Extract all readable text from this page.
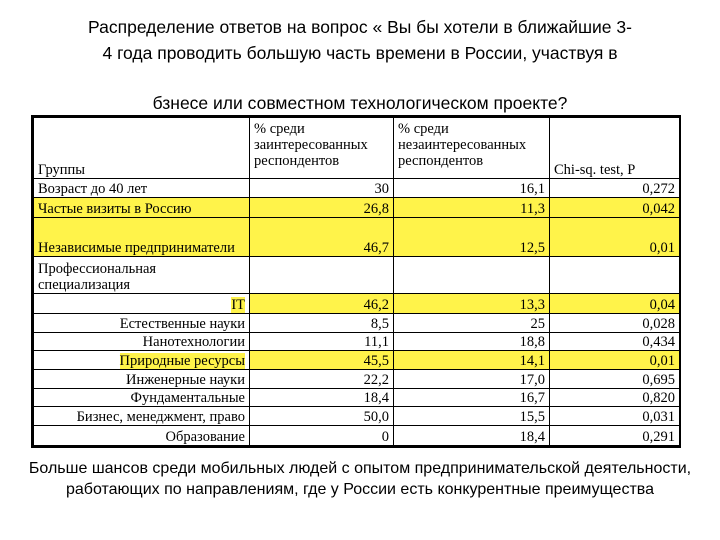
Распределение ответов на вопрос « Вы бы хотели в ближайшие 3-
4 года проводить большую часть времени в России, участвуя в
бзнесе или совместном технологическом проекте?
Группы	% среди заинтересованных респондентов	% среди незаинтересованных респондентов	Chi-sq. test, P
Возраст до 40 лет	30	16,1	0,272
Частые визиты в Россию	26,8	11,3	0,042
Независимые предприниматели	46,7	12,5	0,01
Профессиональная специализация			
IT	46,2	13,3	0,04
Естественные науки	8,5	25	0,028
Нанотехнологии	11,1	18,8	0,434
Природные ресурсы	45,5	14,1	0,01
Инженерные науки	22,2	17,0	0,695
Фундаментальные	18,4	16,7	0,820
Бизнес, менеджмент, право	50,0	15,5	0,031
Образование	0	18,4	0,291
Больше шансов среди мобильных людей с опытом предпринимательской деятельности, работающих по направлениям, где у России есть конкурентные преимущества
